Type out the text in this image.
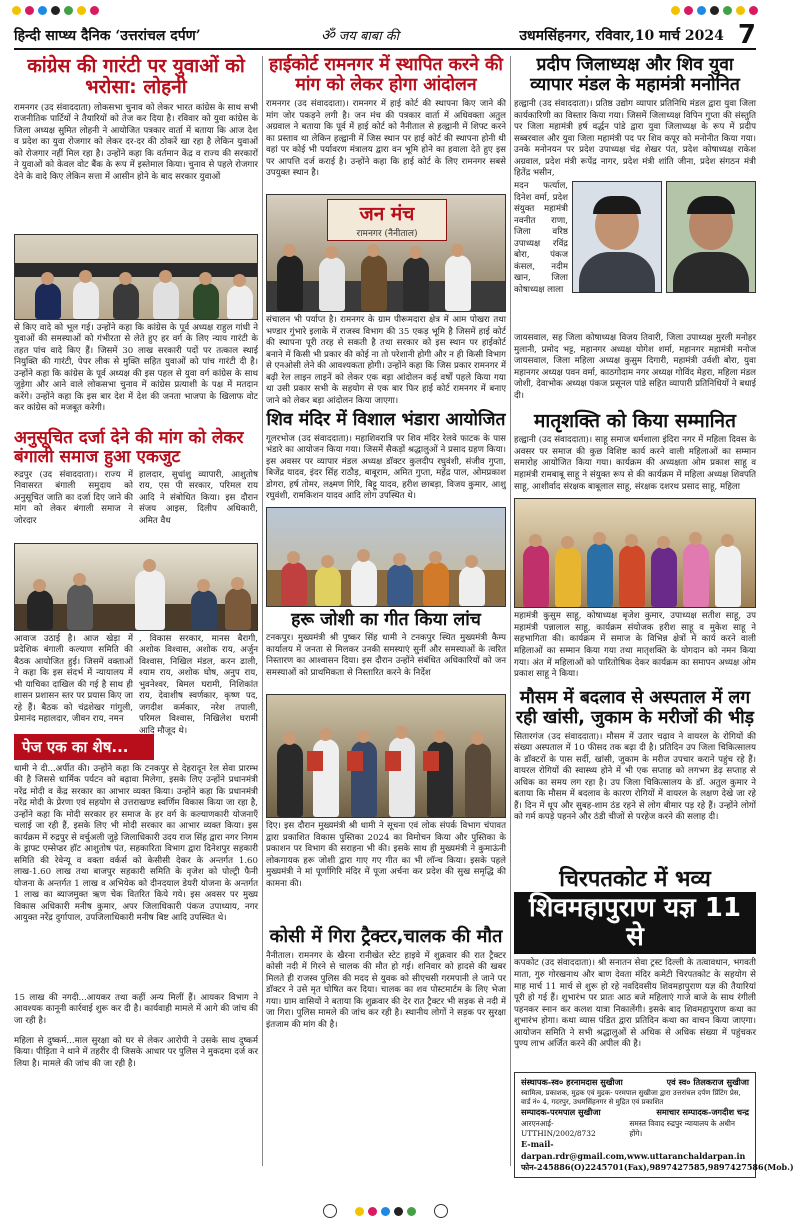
हिन्दी साप्ध्य दैनिक ‘उत्तरांचल दर्पण’	ॐ जय बाबा की	उधमसिंहनगर, रविवार,10 मार्च 2024 7
कांग्रेस की गारंटी पर युवाओं को भरोसा: लोहनी
रामनगर (उद संवाददाता) लोकसभा चुनाव को लेकर भारत कांग्रेस के साथ सभी राजनीतिक पार्टियों ने तैयारियों को तेज कर दिया है। रविवार को युवा कांग्रेस के जिला अध्यक्ष सुमित लोहनी ने आयोजित पत्रकार वार्ता में बताया कि आज देश व प्रदेश का युवा रोजगार को लेकर दर-दर की ठोकरें खा रहा है लेकिन युवाओं को रोजगार नहीं मिल रहा है। उन्होंने कहा कि वर्तमान केंद्र व राज्य की सरकारों ने युवाओं को केवल वोट बैंक के रूप में इस्तेमाल किया। चुनाव से पहले रोजगार देने के वादे किए लेकिन सत्ता में आसीन होने के बाद सरकार युवाओं
से किए वादे को भूल गई। उन्होंने कहा कि कांग्रेस के पूर्व अध्यक्ष राहुल गांधी ने युवाओं की समस्याओं को गंभीरता से लेते हुए हर वर्ग के लिए न्याय गारंटी के तहत पांच वादे किए हैं। जिसमें 30 लाख सरकारी पदों पर तत्काल स्थाई नियुक्ति की गारंटी, पेपर लीक से मुक्ति सहित युवाओं को पांच गारंटी दी है। उन्होंने कहा कि कांग्रेस के पूर्व अध्यक्ष की इस पहल से युवा वर्ग कांग्रेस के साथ जुड़ेगा और आने वाले लोकसभा चुनाव में कांग्रेस प्रत्याशी के पक्ष में मतदान करेंगे। उन्होंने कहा कि इस बार देश में देश की जनता भाजपा के खिलाफ वोट कर कांग्रेस को मजबूत करेगी।
अनुसूचित दर्जा देने की मांग को लेकर बंगाली समाज हुआ एकजुट
रुद्रपुर (उद संवाददाता)। राज्य में निवासरत बंगाली समुदाय को अनुसूचित जाति का दर्जा दिए जाने की मांग को लेकर बंगाली समाज ने जोरदार
हालदार, सुधांशु व्यापारी, आशुतोष राय, एस पी सरकार, परिमल राय आदि ने संबोधित किया। इस दौरान संजय आइस, दिलीप अधिकारी, अमित वैध
आवाज उठाई है। आज खेड़ा में प्रदेशिक बंगाली कल्याण समिति की बैठक आयोजित हुई। जिसमें वक्ताओं ने कहा कि इस संदर्भ में न्यायालय में भी याचिका दाखिल की गई है साथ ही शासन प्रशासन स्तर पर प्रयास किए जा रहे हैं। बैठक को चंद्रशेखर गांगुली, प्रेमानंद महालदार, जीवन राय, नमन
, विकास सरकार, मानस बैरागी, अशोक विश्वास, अशोक राय, अर्जुन विश्वास, निखिल मंडल, करन ढाली, श्याम राय, अशोक घोष, अनुप राय, भुवनेश्वर, बिमल घरामी, निशिकांत राय, देवाशीष स्वर्णकार, कृष्ण पद, जगदीश कर्मकार, नरेश तपाली, परिमल विश्वास, निखिलेश घरामी आदि मौजूद थे।
पेज एक का शेष...
धामी ने दी...अर्पीत की। उन्होंने कहा कि टनकपुर से देहरादून रेल सेवा प्रारम्भ की है जिससे धार्मिक पर्यटन को बढ़ावा मिलेगा, इसके लिए उन्होंने प्रधानमंत्री नरेंद्र मोदी व केंद्र सरकार का आभार व्यक्त किया। उन्होंने कहा कि प्रधानमंत्री नरेंद्र मोदी के प्रेरणा एवं सहयोग से उत्तराखण्ड स्वर्णिम विकास किया जा रहा है, उन्होंने कहा कि मोदी सरकार हर समाज के हर वर्ग के कल्याणकारी योजनाएँ चलाई जा रही हैं, इसके लिए भी मोदी सरकार का आभार व्यक्त किया। इस कार्यक्रम में रुद्रपुर से वर्चुअली जुड़े जिलाधिकारी उदय राज सिंह द्वारा नगर निगम के ड्राफ्ट एम्सेप्डर हॉट आशुतोष पंत, सहकारिता विभाग द्वारा दिनेशपुर सहकारी समिति की रेवेन्यू व वक्ता वर्कर्स को केसीसी देकर के अन्तर्गत 1.60 लाख-1.60 लाख तथा बाजपुर सहकारी समिति के वृजेश को पोल्ट्री फैनी योजना के अन्तर्गत 1 लाख व अभियेक को दीनदयाल डेयरी योजना के अन्तर्गत 1 लाख का ब्याजमुक्त ऋण चेक वितरित किये गये। इस अवसर पर मुख्य विकास अधिकारी मनीष कुमार, अपर जिलाधिकारी पंकज उपाध्याय, नगर आयुक्त नरेंद्र दुर्गापाल, उपजिलाधिकारी मनीष बिष्ट आदि उपस्थित थे।
15 लाख की नगदी...आयकर तथा कहीं अन्य मिलीं हैं। आयकर विभाग ने आवश्यक कानूनी कार्रवाई शुरू कर दी है। कार्यवाही मामले में आगे की जांच की जा रही है।
महिला से दुष्कर्म...माल सुरक्षा को घर से लेकर आरोपी ने उसके साथ दुष्कर्म किया। पीड़िता ने थाने में तहरीर दी जिसके आधार पर पुलिस ने मुकदमा दर्ज कर लिया है। मामले की जांच की जा रही है।
हाईकोर्ट रामनगर में स्थापित करने की मांग को लेकर होगा आंदोलन
रामनगर (उद संवाददाता)। रामनगर में हाई कोर्ट की स्थापना किए जाने की मांग जोर पकड़ने लगी है। जन मंच की पत्रकार वार्ता में अधिवक्ता अतुल अग्रवाल ने बताया कि पूर्व में हाई कोर्ट को नैनीताल से हल्द्वानी में शिफ्ट करने का प्रस्ताव था लेकिन हल्द्वानी में जिस स्थान पर हाई कोर्ट की स्थापना होनी थी वहां पर कोई भी पर्यावरण मंत्रालय द्वारा वन भूमि होने का हवाला देते हुए इस पर आपत्ति दर्ज कराई है। उन्होंने कहा कि हाई कोर्ट के लिए रामनगर सबसे उपयुक्त स्थान है।
जन मंच
रामनगर (नैनीताल)
संचालन भी पर्याप्त है। रामनगर के ग्राम पीरूमदारा क्षेत्र में आम पोखरा तथा भण्डार गुंभारे इलाके में राजस्व विभाग की 35 एकड़ भूमि है जिसमें हाई कोर्ट की स्थापना पूरी तरह से सकती है तथा सरकार को इस स्थान पर हाईकोर्ट बनाने में किसी भी प्रकार की कोई ना तो परेशानी होगी और न ही किसी विभाग से एनओसी लेने की आवश्यकता होगी। उन्होंने कहा कि जिस प्रकार रामनगर में बढ़ी रेल लाइन लाइनें को लेकर एक बड़ा आंदोलन कई वर्षों पहले किया गया था उसी प्रकार सभी के सहयोग से एक बार फिर हाई कोर्ट रामनगर में बनाए जाने को लेकर बड़ा आंदोलन किया जाएगा।
शिव मंदिर में विशाल भंडारा आयोजित
गूलरभोज (उद संवाददाता)। महाशिवरात्रि पर शिव मंदिर रेलवे फाटक के पास भंडारे का आयोजन किया गया। जिसमें सैकड़ों श्रद्धालुओं ने प्रसाद ग्रहण किया। इस अवसर पर व्यापार मंडल अध्यक्ष डॉक्टर कुलदीप रघुवंशी, संजीव गुप्ता, बिजेंद्र यादव, इंदर सिंह राठौड़, बाबूराम, अमित गुप्ता, महेंद्र पाल, ओमप्रकाश डोगरा, हर्ष तोमर, लक्ष्मण गिरि, बिट्टू यादव, हरीश छाबड़ा, विजय कुमार, आशु रघुवंशी, रामकिशन यादव आदि लोग उपस्थित थे।
हरू जोशी का गीत किया लांच
टनकपुर। मुख्यमंत्री श्री पुष्कर सिंह धामी ने टनकपुर स्थित मुख्यमंत्री कैम्प कार्यालय में जनता से मिलकर उनकी समस्याएं सुनीं और समस्याओं के त्वरित निस्तारण का आश्वासन दिया। इस दौरान उन्होंने संबंधित अधिकारियों को जन समस्याओं को प्राथमिकता से निस्तारित करने के निर्देश
दिए। इस दौरान मुख्यमंत्री श्री धामी ने सूचना एवं लोक संपर्क विभाग चंपावत द्वारा प्रकाशित विकास पुस्तिका 2024 का विमोचन किया और पुस्तिका के प्रकाशन पर विभाग की सराहना भी की। इसके साथ ही मुख्यमंत्री ने कुमाऊंनी लोकगायक हरू जोशी द्वारा गाए गए गीत का भी लॉन्च किया। इसके पहले मुख्यमंत्री ने मां पूर्णागिरि मंदिर में पूजा अर्चना कर प्रदेश की सुख समृद्धि की कामना की।
कोसी में गिरा ट्रैक्टर,चालक की मौत
नैनीताल। रामनगर के खैरना रानीखेत स्टेट हाइवे में शुक्रवार की रात ट्रैक्टर कोसी नदी में गिरने से चालक की मौत हो गई। शनिवार को हादसे की खबर मिलते ही राजस्व पुलिस की मदद से युवक को सीएचसी गरमपानी ले जाने पर डॉक्टर ने उसे मृत घोषित कर दिया। चालक का शव पोस्टमार्टम के लिए भेजा गया। ग्राम वासियों ने बताया कि शुक्रवार की देर रात ट्रैक्टर भी सड़क से नदी में जा गिरा। पुलिस मामले की जांच कर रही है। स्थानीय लोगों ने सड़क पर सुरक्षा इंतजाम की मांग की है।
प्रदीप जिलाध्यक्ष और शिव युवा व्यापार मंडल के महामंत्री मनोनित
हल्द्वानी (उद संवाददाता)। प्रतिष्ठ उद्योग व्यापार प्रतिनिधि मंडल द्वारा युवा जिला कार्यकारिणी का विस्तार किया गया। जिसमें जिलाध्यक्ष विपिन गुप्ता की संस्तुति पर जिला महामंत्री हर्ष वर्द्धन पांडे द्वारा युवा जिलाध्यक्ष के रूप में प्रदीप सब्बरवाल और युवा जिला महामंत्री पद पर शिव कपूर को मनोनीत किया गया। उनके मनोनयन पर प्रदेश उपाध्यक्ष चंद्र शेखर पंत, प्रदेश कोषाध्यक्ष राकेश अग्रवाल, प्रदेश मंत्री रूपेंद्र नागर, प्रदेश मंत्री शांति जीना, प्रदेश संगठन मंत्री हितेंद्र भसीन,
मदन फर्त्याल, दिनेश वर्मा, प्रदेश संयुक्त महामंत्री नवनीत राणा, जिला वरिष्ठ उपाध्यक्ष रविंद्र बोरा, पंकज कंसल, नदीम खान, जिला कोषाध्यक्ष लाला
जायसवाल, सह जिला कोषाध्यक्ष विजय तिवारी, जिला उपाध्यक्ष मुरली मनोहर मुलानी, प्रमोद भट्ट, महानगर अध्यक्ष योगेश शर्मा, महानगर महामंत्री मनोज जायसवाल, जिला महिला अध्यक्ष कुसुम दिगारी, महामंत्री उर्वशी बोरा, युवा महानगर अध्यक्ष पवन वर्मा, काठगोदाम नगर अध्यक्ष गोविंद मेहरा, महिला मंडल जोशी, देवाभोक अध्यक्ष पंकज प्रसूनल पांडे सहित व्यापारी प्रतिनिधियों ने बधाई दी।
मातृशक्ति को किया सम्मानित
हल्द्वानी (उद संवाददाता)। साहू समाज धर्मशाला इंदिरा नगर में महिला दिवस के अवसर पर समाज की कुछ विशिष्ट कार्य करने वाली महिलाओं का सम्मान समारोह आयोजित किया गया। कार्यक्रम की अध्यक्षता ओम प्रकाश साहू व महामंत्री रामबाबू साहू ने संयुक्त रूप से की कार्यक्रम में महिला अध्यक्ष शिवपति साहू, आशीर्वाद संरक्षक बाबूलाल साहू, संरक्षक दशरथ प्रसाद साहू, महिला
महामंत्री कुसुम साहू, कोषाध्यक्ष बृजेश कुमार, उपाध्यक्ष सतीश साहू, उप महामंत्री पन्नालाल साहू, कार्यक्रम संयोजक हरीश साहू व मुकेश साहू ने सहभागिता की। कार्यक्रम में समाज के विभिन्न क्षेत्रों में कार्य करने वाली महिलाओं का सम्मान किया गया तथा मातृशक्ति के योगदान को नमन किया गया। अंत में महिलाओं को पारितोषिक देकर कार्यक्रम का समापन अध्यक्ष ओम प्रकाश साहू ने किया।
मौसम में बदलाव से अस्पताल में लग रही खांसी, जुकाम के मरीजों की भीड़
सितारगंज (उद संवाददाता)। मौसम में उतार चढ़ाव ने वायरल के रोगियों की संख्या अस्पताल में 10 फीसद तक बढ़ा दी है। प्रतिदिन उप जिला चिकित्सालय के डॉक्टरों के पास सर्दी, खांसी, जुकाम के मरीज उपचार कराने पहुंच रहे हैं। वायरल रोगियों की स्वास्थ्य होने में भी एक सप्ताह को लगभग डेढ़ सप्ताह से अधिक का समय लग रहा है। उप जिला चिकित्सालय के डॉ. अतुल कुमार ने बताया कि मौसम में बदलाव के कारण रोगियों में वायरल के लक्षण देखे जा रहे हैं। दिन में धूप और सुबह-शाम ठंड रहने से लोग बीमार पड़ रहे हैं। उन्होंने लोगों को गर्म कपड़े पहनने और ठंडी चीजों से परहेज करने की सलाह दी।
चिरपतकोट में भव्य
शिवमहापुराण यज्ञ 11 से
कपकोट (उद संवाददाता)। श्री सनातन सेवा ट्रस्ट दिल्ली के तत्वावधान, भगवती माता, गुरु गोरखनाथ और बाण देवता मंदिर कमेटी चिरपतकोट के सहयोग से माह मार्च 11 मार्च से शुरू हो रहे नवदिवसीय शिवमहापुराण यज्ञ की तैयारियां पूरी हो गई हैं। शुभारंभ पर प्रातः आठ बजे महिलाएं गाजे बाजे के साथ रंगीली पहनकर स्नान कर कलश यात्रा निकालेंगी। इसके बाद शिवमहापुराण कथा का शुभारंभ होगा। कथा व्यास पंडित द्वारा प्रतिदिन कथा का वाचन किया जाएगा। आयोजन समिति ने सभी श्रद्धालुओं से अधिक से अधिक संख्या में पहुंचकर पुण्य लाभ अर्जित करने की अपील की है।
संस्थापक-स्व० हरनामदास सुखीजा	एवं स्व० तिलकराज सुखीजा
स्वामित्व, प्रकाशक, मुद्रक एवं मुद्रक- परमपाल सुखीजा द्वारा उत्तरांचल दर्पण प्रिंटिंग प्रेस, वार्ड नं० 4, गदरपुर, उधमसिंहनगर से मुद्रित एवं प्रकाशित
सम्पादक-परमपाल सुखीजा	समाचार सम्पादक-जगदीश चन्द्र
आरएनआई- UTTHIN/2002/8732
समस्त विवाद रुद्रपुर न्यायालय के अधीन होंगे।
E-mail-darpan.rdr@gmail.com,www.uttaranchaldarpan.in
फोन-245886(O)2245701(Fax),9897427585,9897427586(Mob.)
